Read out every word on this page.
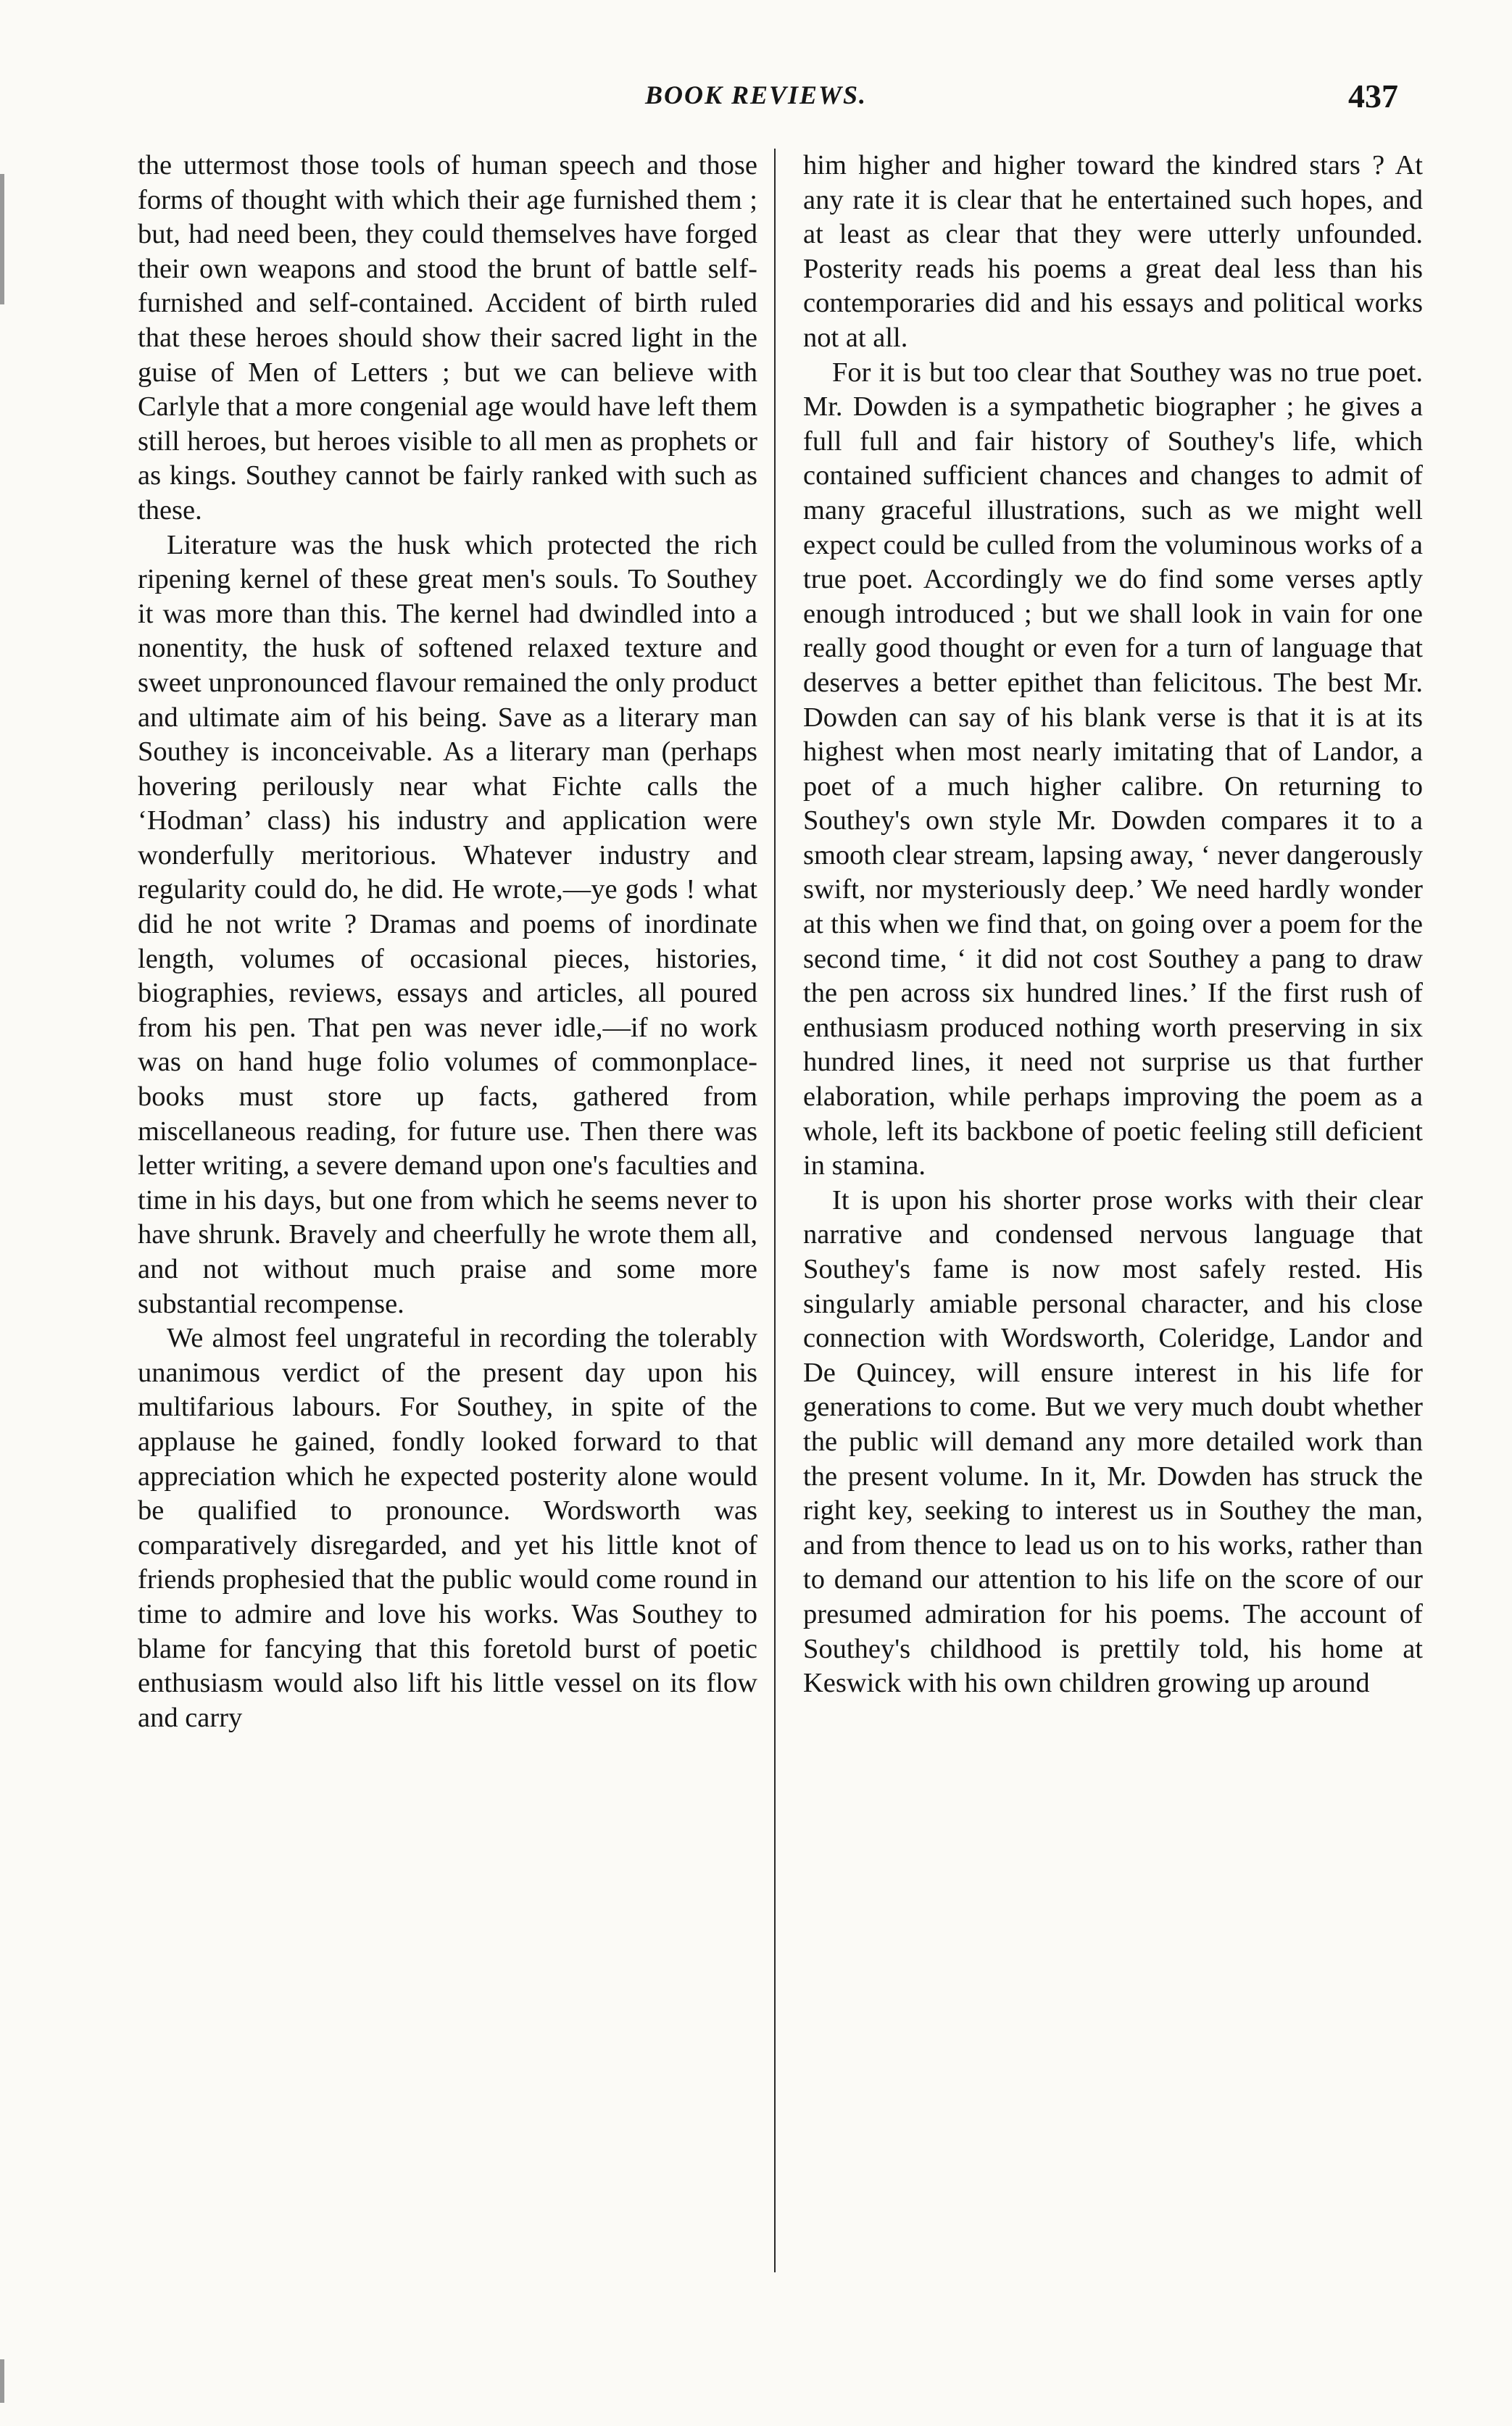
BOOK REVIEWS.	437

the uttermost those tools of human speech and those forms of thought with which their age furnished them ; but, had need been, they could themselves have forged their own weapons and stood the brunt of battle self-furnished and self-contained. Accident of birth ruled that these heroes should show their sacred light in the guise of Men of Letters ; but we can believe with Carlyle that a more congenial age would have left them still heroes, but heroes visible to all men as prophets or as kings. Southey cannot be fairly ranked with such as these.

Literature was the husk which protected the rich ripening kernel of these great men's souls. To Southey it was more than this. The kernel had dwindled into a nonentity, the husk of softened relaxed texture and sweet unpronounced flavour remained the only product and ultimate aim of his being. Save as a literary man Southey is inconceivable. As a literary man (perhaps hovering perilously near what Fichte calls the ‘Hodman’ class) his industry and application were wonderfully meritorious. Whatever industry and regularity could do, he did. He wrote,—ye gods ! what did he not write ? Dramas and poems of inordinate length, volumes of occasional pieces, histories, biographies, reviews, essays and articles, all poured from his pen. That pen was never idle,—if no work was on hand huge folio volumes of commonplace-books must store up facts, gathered from miscellaneous reading, for future use. Then there was letter writing, a severe demand upon one's faculties and time in his days, but one from which he seems never to have shrunk. Bravely and cheerfully he wrote them all, and not without much praise and some more substantial recompense.

We almost feel ungrateful in recording the tolerably unanimous verdict of the present day upon his multifarious labours. For Southey, in spite of the applause he gained, fondly looked forward to that appreciation which he expected posterity alone would be qualified to pronounce. Wordsworth was comparatively disregarded, and yet his little knot of friends prophesied that the public would come round in time to admire and love his works. Was Southey to blame for fancying that this foretold burst of poetic enthusiasm would also lift his little vessel on its flow and carry

him higher and higher toward the kindred stars ? At any rate it is clear that he entertained such hopes, and at least as clear that they were utterly unfounded. Posterity reads his poems a great deal less than his contemporaries did and his essays and political works not at all.

For it is but too clear that Southey was no true poet. Mr. Dowden is a sympathetic biographer ; he gives a full full and fair history of Southey's life, which contained sufficient chances and changes to admit of many graceful illustrations, such as we might well expect could be culled from the voluminous works of a true poet. Accordingly we do find some verses aptly enough introduced ; but we shall look in vain for one really good thought or even for a turn of language that deserves a better epithet than felicitous. The best Mr. Dowden can say of his blank verse is that it is at its highest when most nearly imitating that of Landor, a poet of a much higher calibre. On returning to Southey's own style Mr. Dowden compares it to a smooth clear stream, lapsing away, ‘ never dangerously swift, nor mysteriously deep.’ We need hardly wonder at this when we find that, on going over a poem for the second time, ‘ it did not cost Southey a pang to draw the pen across six hundred lines.’ If the first rush of enthusiasm produced nothing worth preserving in six hundred lines, it need not surprise us that further elaboration, while perhaps improving the poem as a whole, left its backbone of poetic feeling still deficient in stamina.

It is upon his shorter prose works with their clear narrative and condensed nervous language that Southey's fame is now most safely rested. His singularly amiable personal character, and his close connection with Wordsworth, Coleridge, Landor and De Quincey, will ensure interest in his life for generations to come. But we very much doubt whether the public will demand any more detailed work than the present volume. In it, Mr. Dowden has struck the right key, seeking to interest us in Southey the man, and from thence to lead us on to his works, rather than to demand our attention to his life on the score of our presumed admiration for his poems. The account of Southey's childhood is prettily told, his home at Keswick with his own children growing up around
